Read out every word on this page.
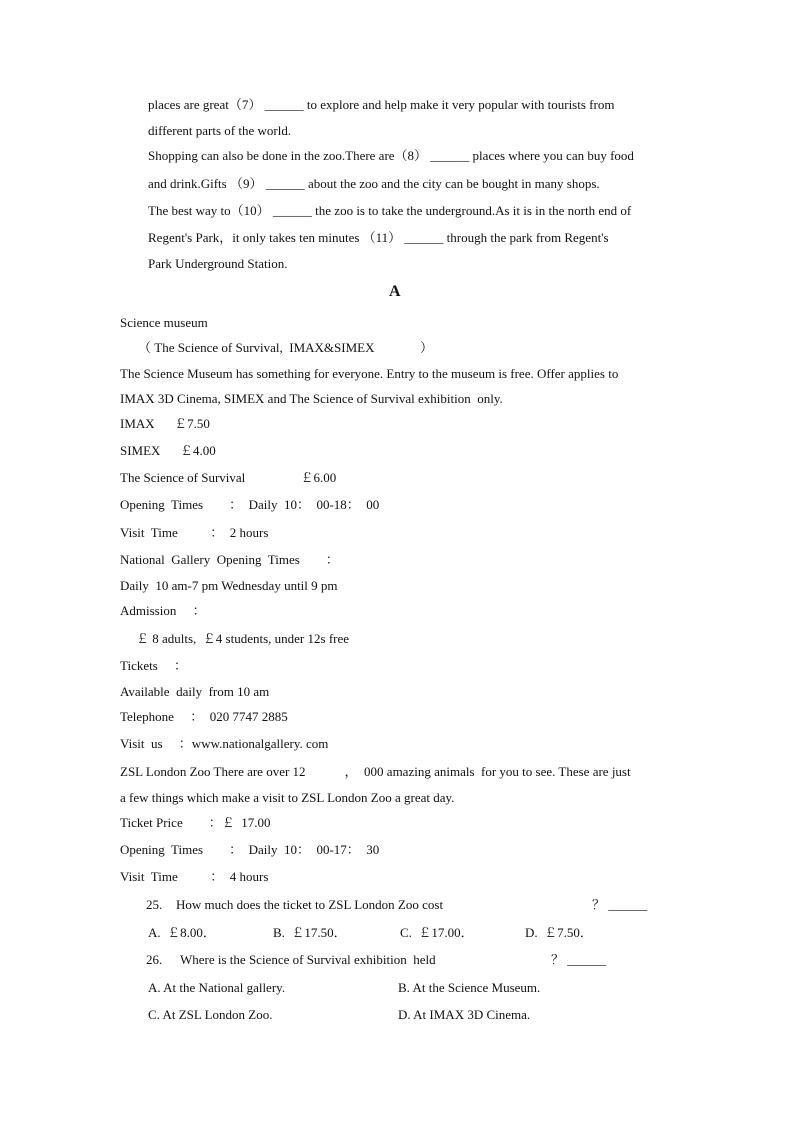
places are great（7） ______ to explore and help make it very popular with tourists from
different parts of the world.
Shopping can also be done in the zoo.There are（8） ______ places where you can buy food
and drink.Gifts （9） ______ about the zoo and the city can be bought in many shops.
The best way to（10） ______ the zoo is to take the underground.As it is in the north end of
Regent's Park，it only takes ten minutes （11） ______ through the park from Regent's
Park Underground Station.
A
Science museum
（ The Science of Survival,  IMAX&SIMEX              ）
The Science Museum has something for everyone. Entry to the museum is free. Offer applies to
IMAX 3D Cinema, SIMEX and The Science of Survival exhibition  only.
IMAX      ￡7.50
SIMEX      ￡4.00
The Science of Survival                 ￡6.00
Opening  Times        ：  Daily  10：  00-18：  00
Visit  Time          ：  2 hours
National  Gallery  Opening  Times        ：
Daily  10 am-7 pm Wednesday until 9 pm
Admission     ：
￡ 8 adults,  ￡4 students, under 12s free
Tickets     ：
Available  daily  from 10 am
Telephone     ：  020 7747 2885
Visit  us     ：www.nationalgallery. com
ZSL London Zoo There are over 12            ，  000 amazing animals  for you to see. These are just
a few things which make a visit to ZSL London Zoo a great day.
Ticket Price        ：￡  17.00
Opening  Times        ：  Daily  10：  00-17：  30
Visit  Time          ：  4 hours
25. How much does the ticket to ZSL London Zoo cost	？ ______
A.  ￡8.00．	B.  ￡17.50．	C.  ￡17.00．	D.  ￡7.50．
26. Where is the Science of Survival exhibition  held	？ ______
A. At the National gallery.	B. At the Science Museum.
C. At ZSL London Zoo.	D. At IMAX 3D Cinema.
